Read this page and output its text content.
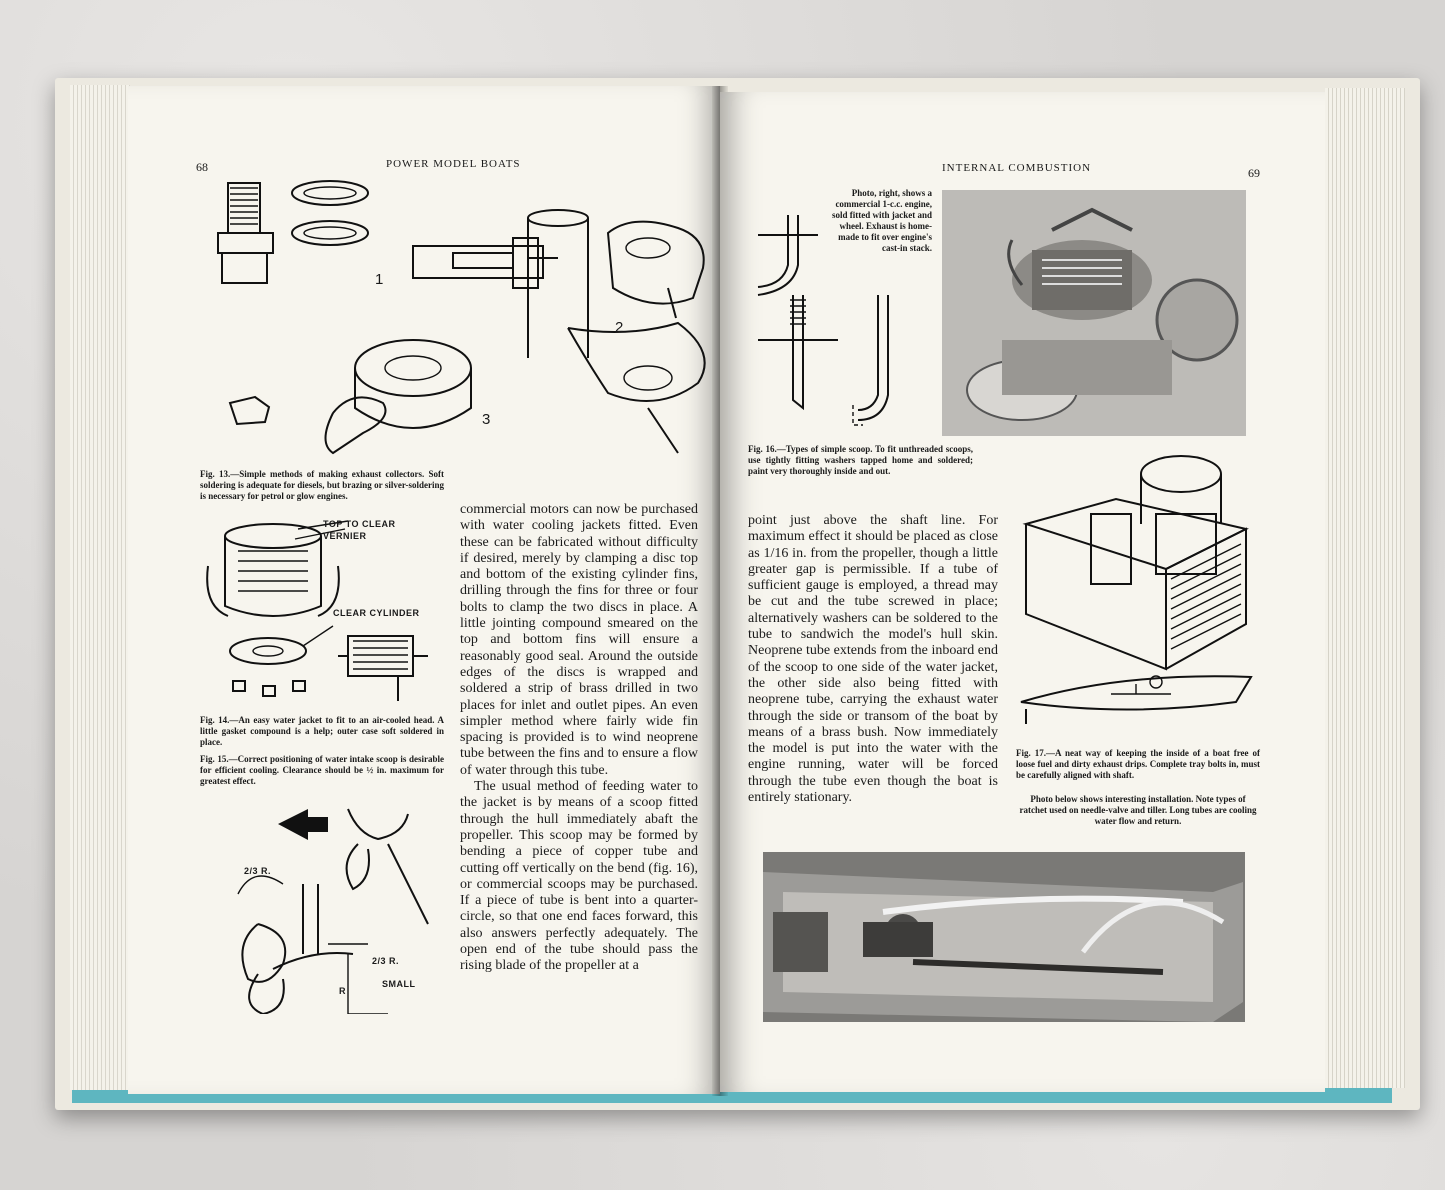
68	POWER MODEL BOATS
1
2
3
Fig. 13.—Simple methods of making exhaust collectors. Soft soldering is adequate for diesels, but brazing or silver-soldering is necessary for petrol or glow engines.
TOP TO CLEAR
VERNIER
CLEAR CYLINDER
Fig. 14.—An easy water jacket to fit to an air-cooled head. A little gasket compound is a help; outer case soft soldered in place.
Fig. 15.—Correct positioning of water intake scoop is desirable for efficient cooling. Clearance should be ½ in. maximum for greatest effect.
SMALL
2/3 R.
2/3 R.
R

commercial motors can now be purchased with water cooling jackets fitted. Even these can be fabricated without difficulty if desired, merely by clamping a disc top and bottom of the existing cylinder fins, drilling through the fins for three or four bolts to clamp the two discs in place. A little jointing compound smeared on the top and bottom fins will ensure a reasonably good seal. Around the outside edges of the discs is wrapped and soldered a strip of brass drilled in two places for inlet and outlet pipes. An even simpler method where fairly wide fin spacing is provided is to wind neoprene tube between the fins and to ensure a flow of water through this tube.

The usual method of feeding water to the jacket is by means of a scoop fitted through the hull immediately abaft the propeller. This scoop may be formed by bending a piece of copper tube and cutting off vertically on the bend (fig. 16), or commercial scoops may be purchased. If a piece of tube is bent into a quarter-circle, so that one end faces forward, this also answers perfectly adequately. The open end of the tube should pass the rising blade of the propeller at a

INTERNAL COMBUSTION	69
Photo, right, shows a commercial 1-c.c. engine, sold fitted with jacket and wheel. Exhaust is home-made to fit over engine's cast-in stack.
Fig. 16.—Types of simple scoop. To fit unthreaded scoops, use tightly fitting washers tapped home and soldered; paint very thoroughly inside and out.
point just above the shaft line. For maximum effect it should be placed as close as 1/16 in. from the propeller, though a little greater gap is permissible. If a tube of sufficient gauge is employed, a thread may be cut and the tube screwed in place; alternatively washers can be soldered to the tube to sandwich the model's hull skin. Neoprene tube extends from the inboard end of the scoop to one side of the water jacket, the other side also being fitted with neoprene tube, carrying the exhaust water through the side or transom of the boat by means of a brass bush. Now immediately the model is put into the water with the engine running, water will be forced through the tube even though the boat is entirely stationary.
Fig. 17.—A neat way of keeping the inside of a boat free of loose fuel and dirty exhaust drips. Complete tray bolts in, must be carefully aligned with shaft.
Photo below shows interesting installation. Note types of ratchet used on needle-valve and tiller. Long tubes are cooling water flow and return.
